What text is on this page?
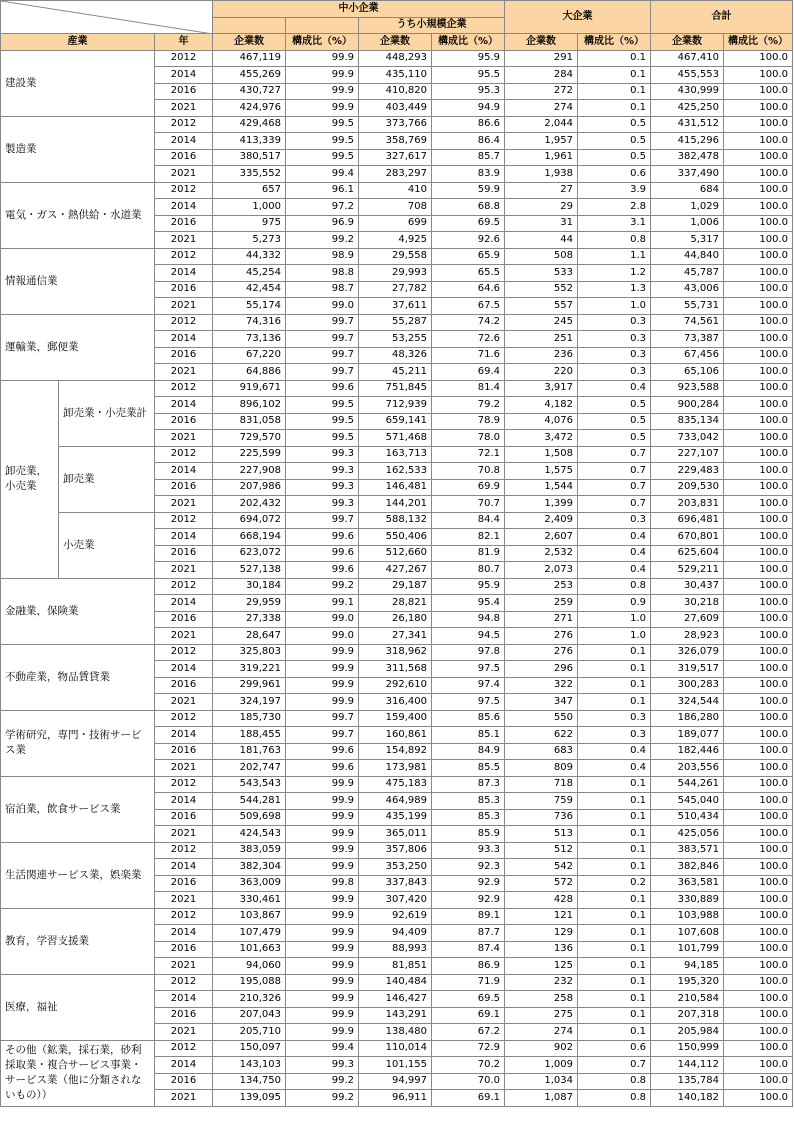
	中小企業				大企業		合計	
					うち小規模企業					
産業		年	企業数	構成比（%）	企業数	構成比（%）	企業数	構成比（%）	企業数	構成比（%）
建設業		2012	467,119	99.9	448,293	95.9	291	0.1	467,410	100.0
		2014	455,269	99.9	435,110	95.5	284	0.1	455,553	100.0
		2016	430,727	99.9	410,820	95.3	272	0.1	430,999	100.0
		2021	424,976	99.9	403,449	94.9	274	0.1	425,250	100.0
製造業		2012	429,468	99.5	373,766	86.6	2,044	0.5	431,512	100.0
		2014	413,339	99.5	358,769	86.4	1,957	0.5	415,296	100.0
		2016	380,517	99.5	327,617	85.7	1,961	0.5	382,478	100.0
		2021	335,552	99.4	283,297	83.9	1,938	0.6	337,490	100.0
電気・ガス・熱供給・水道業		2012	657	96.1	410	59.9	27	3.9	684	100.0
		2014	1,000	97.2	708	68.8	29	2.8	1,029	100.0
		2016	975	96.9	699	69.5	31	3.1	1,006	100.0
		2021	5,273	99.2	4,925	92.6	44	0.8	5,317	100.0
情報通信業		2012	44,332	98.9	29,558	65.9	508	1.1	44,840	100.0
		2014	45,254	98.8	29,993	65.5	533	1.2	45,787	100.0
		2016	42,454	98.7	27,782	64.6	552	1.3	43,006	100.0
		2021	55,174	99.0	37,611	67.5	557	1.0	55,731	100.0
運輸業，郵便業		2012	74,316	99.7	55,287	74.2	245	0.3	74,561	100.0
		2014	73,136	99.7	53,255	72.6	251	0.3	73,387	100.0
		2016	67,220	99.7	48,326	71.6	236	0.3	67,456	100.0
		2021	64,886	99.7	45,211	69.4	220	0.3	65,106	100.0
卸売業，小売業	卸売業・小売業計	2012	919,671	99.6	751,845	81.4	3,917	0.4	923,588	100.0
		2014	896,102	99.5	712,939	79.2	4,182	0.5	900,284	100.0
		2016	831,058	99.5	659,141	78.9	4,076	0.5	835,134	100.0
		2021	729,570	99.5	571,468	78.0	3,472	0.5	733,042	100.0
	卸売業	2012	225,599	99.3	163,713	72.1	1,508	0.7	227,107	100.0
		2014	227,908	99.3	162,533	70.8	1,575	0.7	229,483	100.0
		2016	207,986	99.3	146,481	69.9	1,544	0.7	209,530	100.0
		2021	202,432	99.3	144,201	70.7	1,399	0.7	203,831	100.0
	小売業	2012	694,072	99.7	588,132	84.4	2,409	0.3	696,481	100.0
		2014	668,194	99.6	550,406	82.1	2,607	0.4	670,801	100.0
		2016	623,072	99.6	512,660	81.9	2,532	0.4	625,604	100.0
		2021	527,138	99.6	427,267	80.7	2,073	0.4	529,211	100.0
金融業，保険業		2012	30,184	99.2	29,187	95.9	253	0.8	30,437	100.0
		2014	29,959	99.1	28,821	95.4	259	0.9	30,218	100.0
		2016	27,338	99.0	26,180	94.8	271	1.0	27,609	100.0
		2021	28,647	99.0	27,341	94.5	276	1.0	28,923	100.0
不動産業，物品賃貸業		2012	325,803	99.9	318,962	97.8	276	0.1	326,079	100.0
		2014	319,221	99.9	311,568	97.5	296	0.1	319,517	100.0
		2016	299,961	99.9	292,610	97.4	322	0.1	300,283	100.0
		2021	324,197	99.9	316,400	97.5	347	0.1	324,544	100.0
学術研究，専門・技術サービス業		2012	185,730	99.7	159,400	85.6	550	0.3	186,280	100.0
		2014	188,455	99.7	160,861	85.1	622	0.3	189,077	100.0
		2016	181,763	99.6	154,892	84.9	683	0.4	182,446	100.0
		2021	202,747	99.6	173,981	85.5	809	0.4	203,556	100.0
宿泊業，飲食サービス業		2012	543,543	99.9	475,183	87.3	718	0.1	544,261	100.0
		2014	544,281	99.9	464,989	85.3	759	0.1	545,040	100.0
		2016	509,698	99.9	435,199	85.3	736	0.1	510,434	100.0
		2021	424,543	99.9	365,011	85.9	513	0.1	425,056	100.0
生活関連サービス業，娯楽業		2012	383,059	99.9	357,806	93.3	512	0.1	383,571	100.0
		2014	382,304	99.9	353,250	92.3	542	0.1	382,846	100.0
		2016	363,009	99.8	337,843	92.9	572	0.2	363,581	100.0
		2021	330,461	99.9	307,420	92.9	428	0.1	330,889	100.0
教育，学習支援業		2012	103,867	99.9	92,619	89.1	121	0.1	103,988	100.0
		2014	107,479	99.9	94,409	87.7	129	0.1	107,608	100.0
		2016	101,663	99.9	88,993	87.4	136	0.1	101,799	100.0
		2021	94,060	99.9	81,851	86.9	125	0.1	94,185	100.0
医療，福祉		2012	195,088	99.9	140,484	71.9	232	0.1	195,320	100.0
		2014	210,326	99.9	146,427	69.5	258	0.1	210,584	100.0
		2016	207,043	99.9	143,291	69.1	275	0.1	207,318	100.0
		2021	205,710	99.9	138,480	67.2	274	0.1	205,984	100.0
その他（鉱業，採石業，砂利採取業・複合サービス事業・サービス業（他に分類されないもの））		2012	150,097	99.4	110,014	72.9	902	0.6	150,999	100.0
		2014	143,103	99.3	101,155	70.2	1,009	0.7	144,112	100.0
		2016	134,750	99.2	94,997	70.0	1,034	0.8	135,784	100.0
		2021	139,095	99.2	96,911	69.1	1,087	0.8	140,182	100.0
